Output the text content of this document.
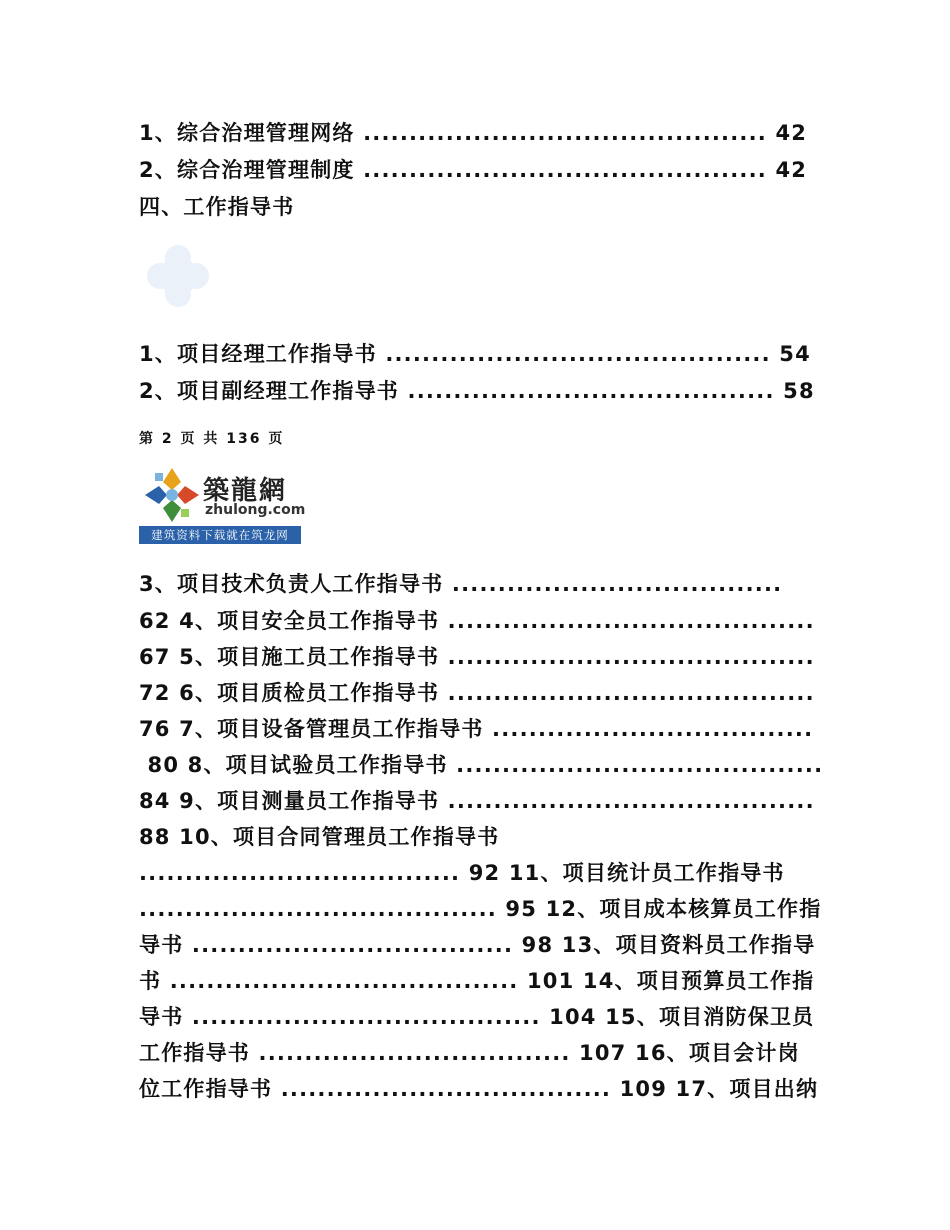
1、综合治理管理网络 ............................................ 42
2、综合治理管理制度 ............................................ 42
四、工作指导书
1、项目经理工作指导书 .......................................... 54
2、项目副经理工作指导书 ........................................ 58
第 2 页 共 136 页
築龍網
zhulong.com
建筑资料下载就在筑龙网
3、项目技术负责人工作指导书 ....................................
62 4、项目安全员工作指导书 ........................................
67 5、项目施工员工作指导书 ........................................
72 6、项目质检员工作指导书 ........................................
76 7、项目设备管理员工作指导书 ...................................
80 8、项目试验员工作指导书 ........................................
84 9、项目测量员工作指导书 ........................................
88 10、项目合同管理员工作指导书
................................... 92 11、项目统计员工作指导书
....................................... 95 12、项目成本核算员工作指
导书 ................................... 98 13、项目资料员工作指导
书 ...................................... 101 14、项目预算员工作指
导书 ...................................... 104 15、项目消防保卫员
工作指导书 .................................. 107 16、项目会计岗
位工作指导书 .................................... 109 17、项目出纳
